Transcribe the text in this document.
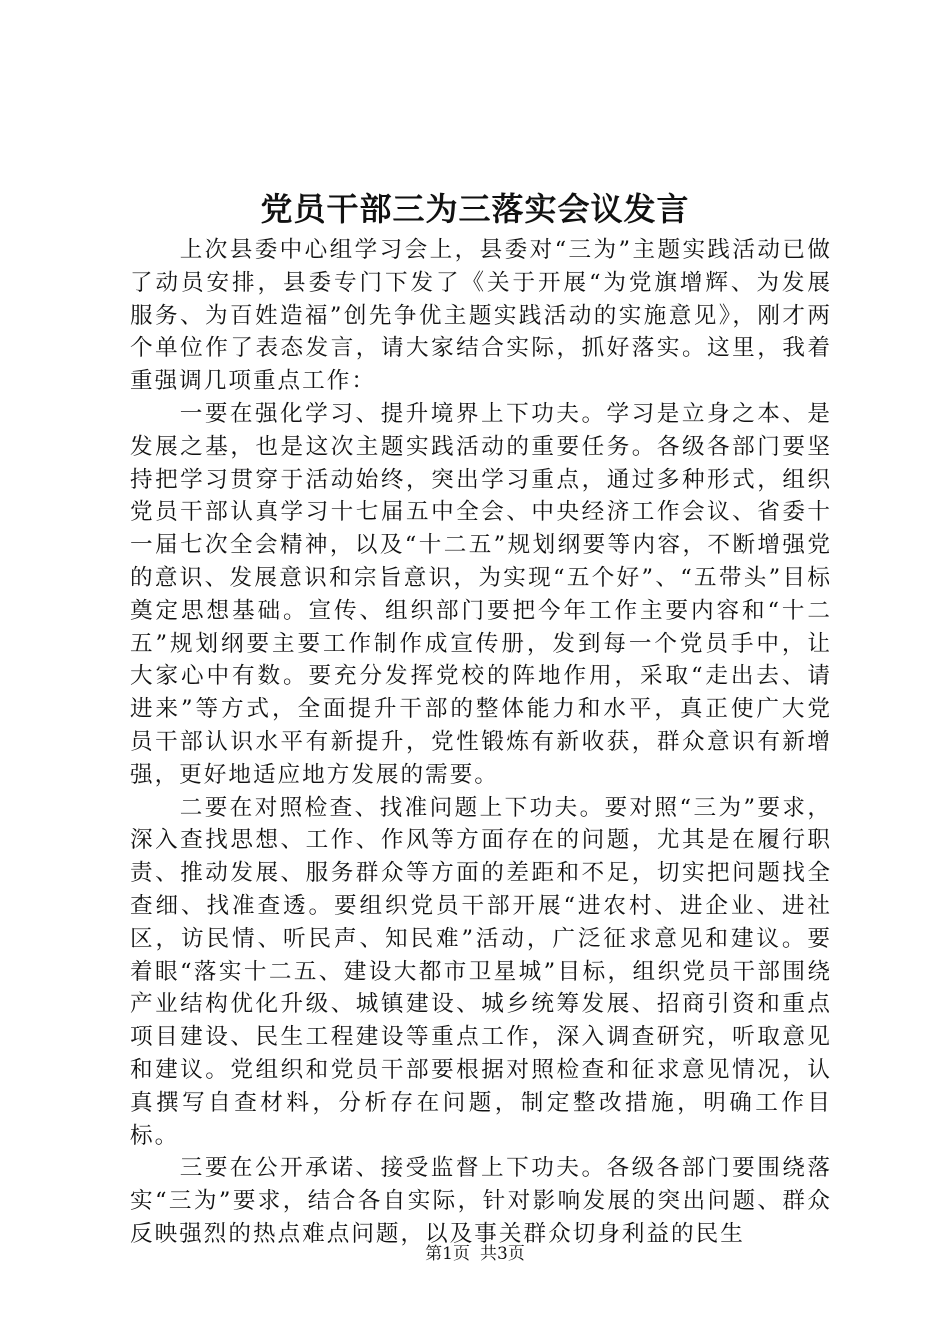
党员干部三为三落实会议发言

上次县委中心组学习会上，县委对“三为”主题实践活动已做了动员安排，县委专门下发了《关于开展“为党旗增辉、为发展服务、为百姓造福”创先争优主题实践活动的实施意见》，刚才两个单位作了表态发言，请大家结合实际，抓好落实。这里，我着重强调几项重点工作：

一要在强化学习、提升境界上下功夫。学习是立身之本、是发展之基，也是这次主题实践活动的重要任务。各级各部门要坚持把学习贯穿于活动始终，突出学习重点，通过多种形式，组织党员干部认真学习十七届五中全会、中央经济工作会议、省委十一届七次全会精神，以及“十二五”规划纲要等内容，不断增强党的意识、发展意识和宗旨意识，为实现“五个好”、“五带头”目标奠定思想基础。宣传、组织部门要把今年工作主要内容和“十二五”规划纲要主要工作制作成宣传册，发到每一个党员手中，让大家心中有数。要充分发挥党校的阵地作用，采取“走出去、请进来”等方式，全面提升干部的整体能力和水平，真正使广大党员干部认识水平有新提升，党性锻炼有新收获，群众意识有新增强，更好地适应地方发展的需要。

二要在对照检查、找准问题上下功夫。要对照“三为”要求，深入查找思想、工作、作风等方面存在的问题，尤其是在履行职责、推动发展、服务群众等方面的差距和不足，切实把问题找全查细、找准查透。要组织党员干部开展“进农村、进企业、进社区，访民情、听民声、知民难”活动，广泛征求意见和建议。要着眼“落实十二五、建设大都市卫星城”目标，组织党员干部围绕产业结构优化升级、城镇建设、城乡统筹发展、招商引资和重点项目建设、民生工程建设等重点工作，深入调查研究，听取意见和建议。党组织和党员干部要根据对照检查和征求意见情况，认真撰写自查材料，分析存在问题，制定整改措施，明确工作目标。

三要在公开承诺、接受监督上下功夫。各级各部门要围绕落实“三为”要求，结合各自实际，针对影响发展的突出问题、群众反映强烈的热点难点问题，以及事关群众切身利益的民生

第1页 共3页
